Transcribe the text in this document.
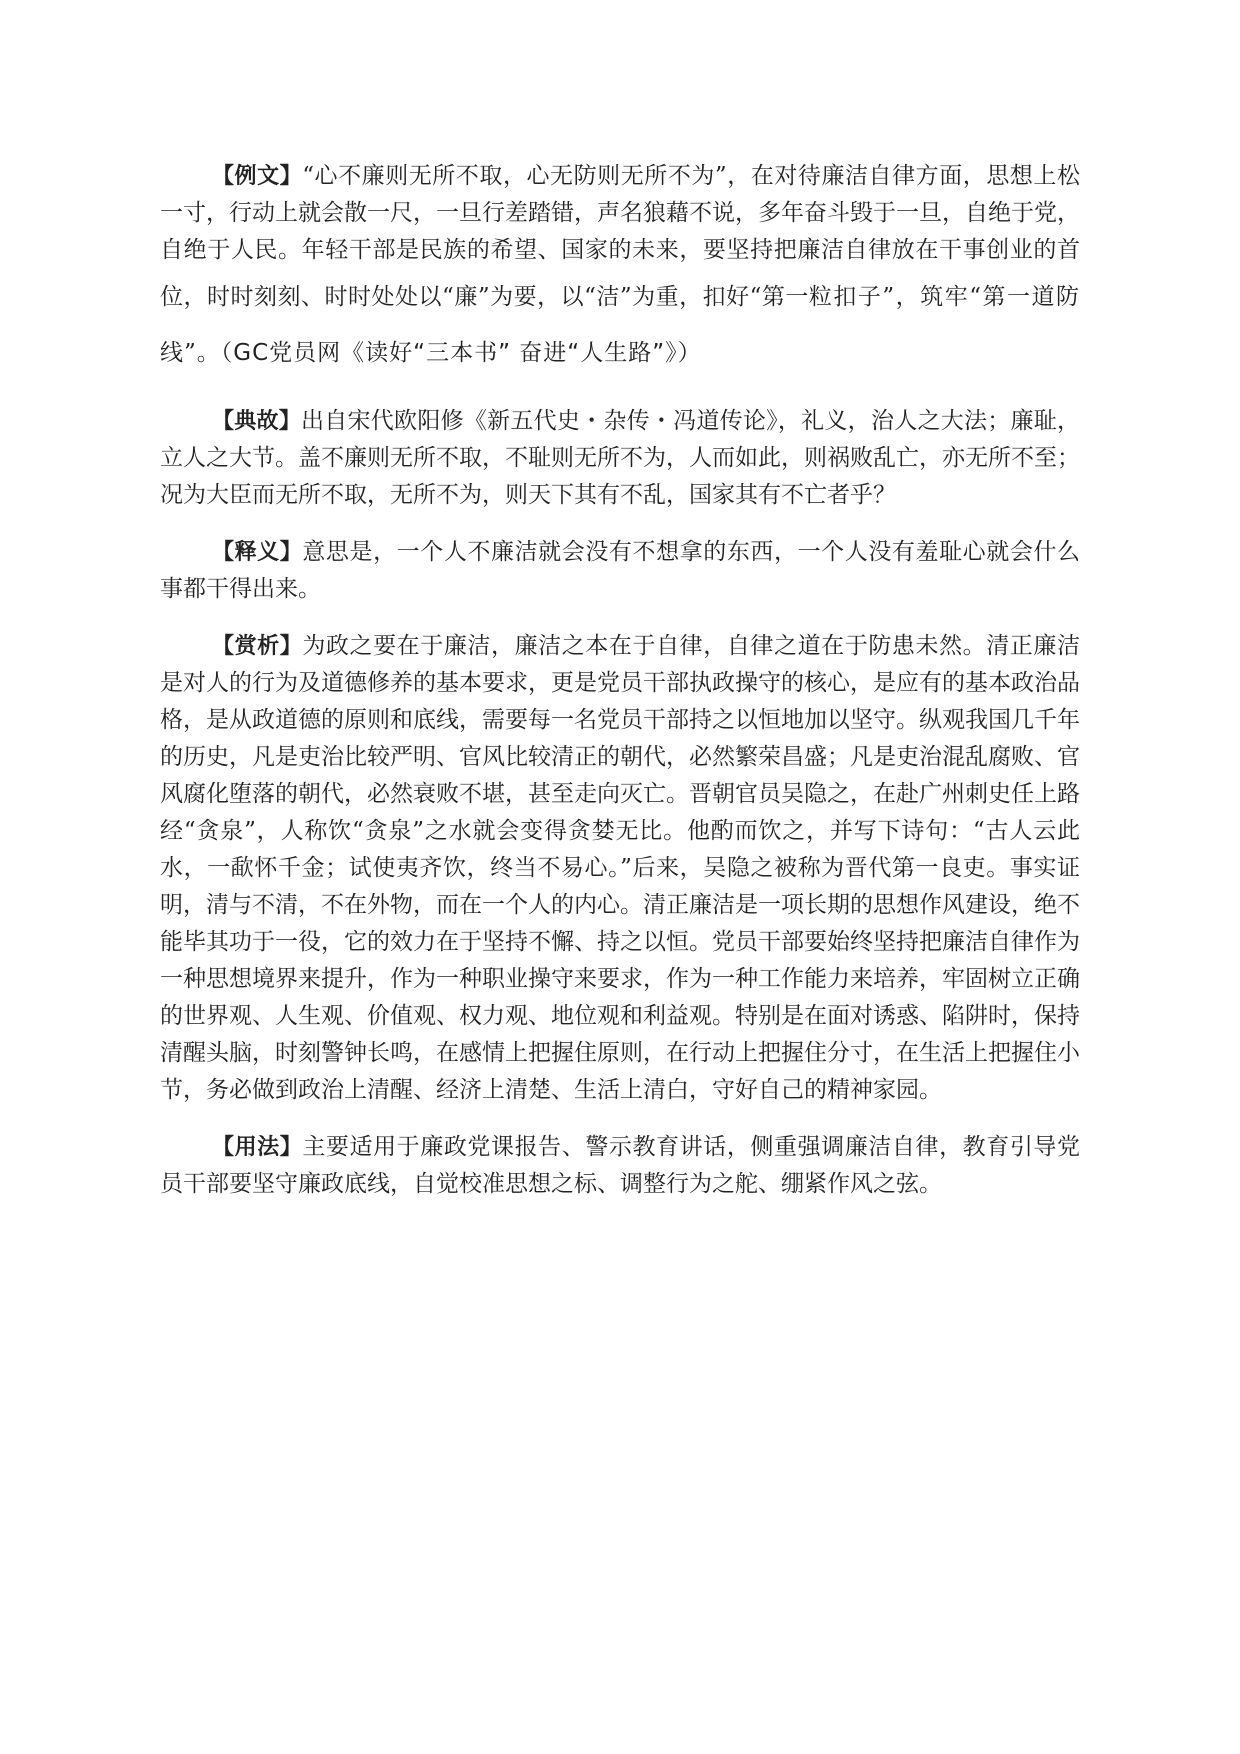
【例文】“心不廉则无所不取，心无防则无所不为”，在对待廉洁自律方面，思想上松一寸，行动上就会散一尺，一旦行差踏错，声名狼藉不说，多年奋斗毁于一旦，自绝于党，自绝于人民。年轻干部是民族的希望、国家的未来，要坚持把廉洁自律放在干事创业的首位，时时刻刻、时时处处以“廉”为要，以“洁”为重，扣好“第一粒扣子”，筑牢“第一道防线”。（GC党员网《读好“三本书” 奋进“人生路”》）

【典故】出自宋代欧阳修《新五代史・杂传・冯道传论》，礼义，治人之大法；廉耻，立人之大节。盖不廉则无所不取，不耻则无所不为，人而如此，则祸败乱亡，亦无所不至；况为大臣而无所不取，无所不为，则天下其有不乱，国家其有不亡者乎？

【释义】意思是，一个人不廉洁就会没有不想拿的东西，一个人没有羞耻心就会什么事都干得出来。

【赏析】为政之要在于廉洁，廉洁之本在于自律，自律之道在于防患未然。清正廉洁是对人的行为及道德修养的基本要求，更是党员干部执政操守的核心，是应有的基本政治品格，是从政道德的原则和底线，需要每一名党员干部持之以恒地加以坚守。纵观我国几千年的历史，凡是吏治比较严明、官风比较清正的朝代，必然繁荣昌盛；凡是吏治混乱腐败、官风腐化堕落的朝代，必然衰败不堪，甚至走向灭亡。晋朝官员吴隐之，在赴广州刺史任上路经“贪泉”，人称饮“贪泉”之水就会变得贪婪无比。他酌而饮之，并写下诗句：“古人云此水，一歃怀千金；试使夷齐饮，终当不易心。”后来，吴隐之被称为晋代第一良吏。事实证明，清与不清，不在外物，而在一个人的内心。清正廉洁是一项长期的思想作风建设，绝不能毕其功于一役，它的效力在于坚持不懈、持之以恒。党员干部要始终坚持把廉洁自律作为一种思想境界来提升，作为一种职业操守来要求，作为一种工作能力来培养，牢固树立正确的世界观、人生观、价值观、权力观、地位观和利益观。特别是在面对诱惑、陷阱时，保持清醒头脑，时刻警钟长鸣，在感情上把握住原则，在行动上把握住分寸，在生活上把握住小节，务必做到政治上清醒、经济上清楚、生活上清白，守好自己的精神家园。

【用法】主要适用于廉政党课报告、警示教育讲话，侧重强调廉洁自律，教育引导党员干部要坚守廉政底线，自觉校准思想之标、调整行为之舵、绷紧作风之弦。
